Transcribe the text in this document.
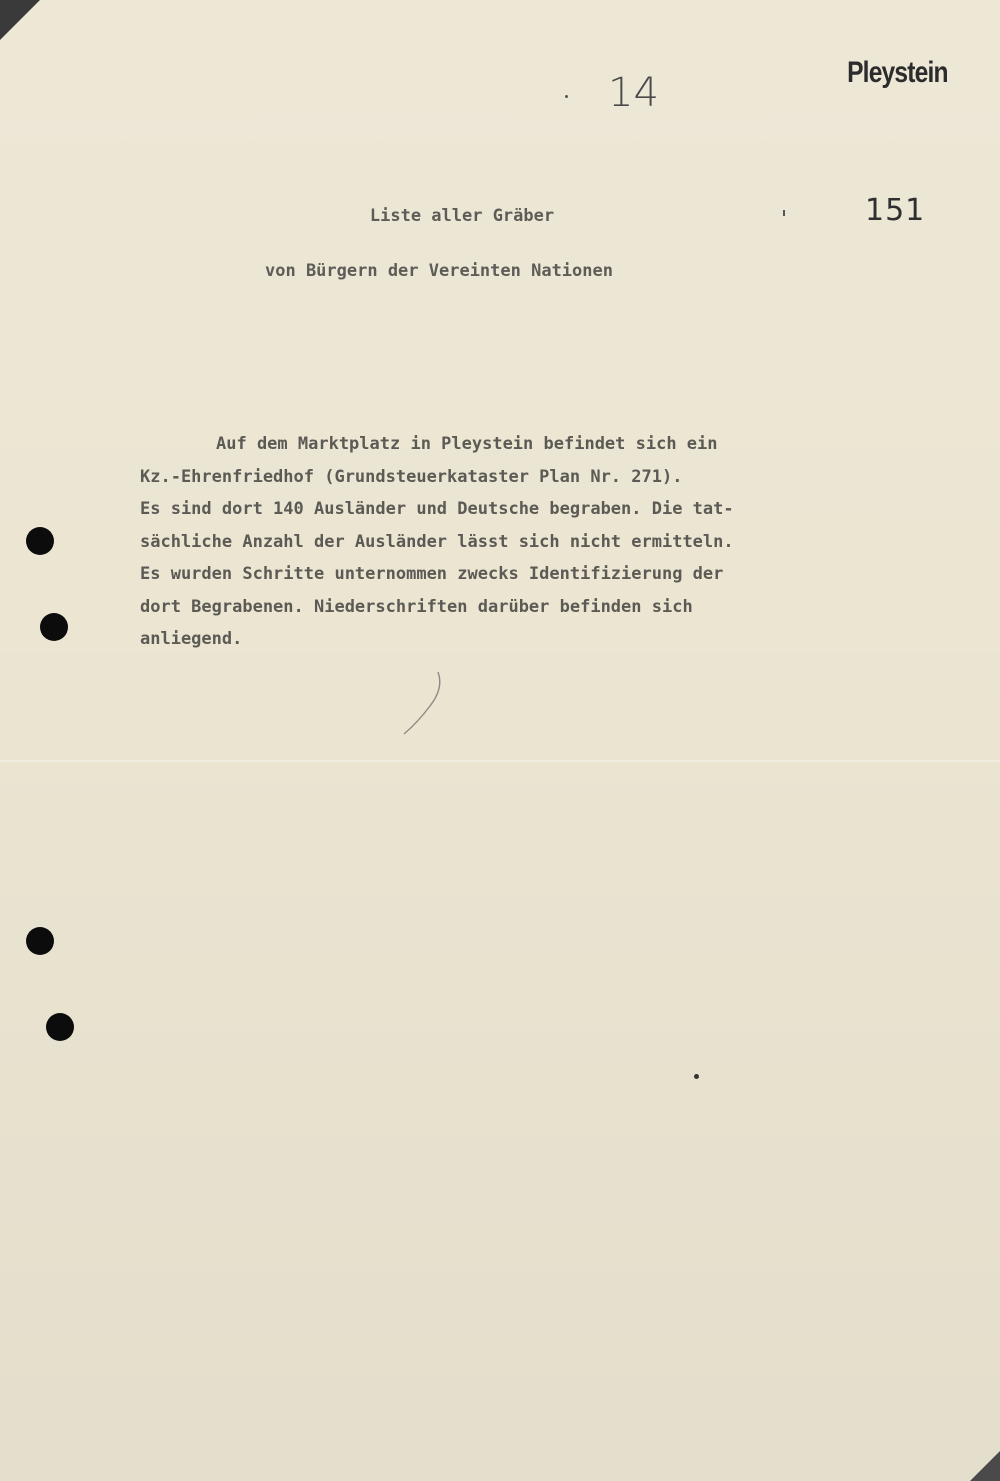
Pleystein
14
151
Liste aller Gräber
von Bürgern der Vereinten Nationen
Auf dem Marktplatz in Pleystein befindet sich ein
Kz.-Ehrenfriedhof (Grundsteuerkataster Plan Nr. 271).
Es sind dort 140 Ausländer und Deutsche begraben. Die tat-
sächliche Anzahl der Ausländer lässt sich nicht ermitteln.
Es wurden Schritte unternommen zwecks Identifizierung der
dort Begrabenen. Niederschriften darüber befinden sich
anliegend.
